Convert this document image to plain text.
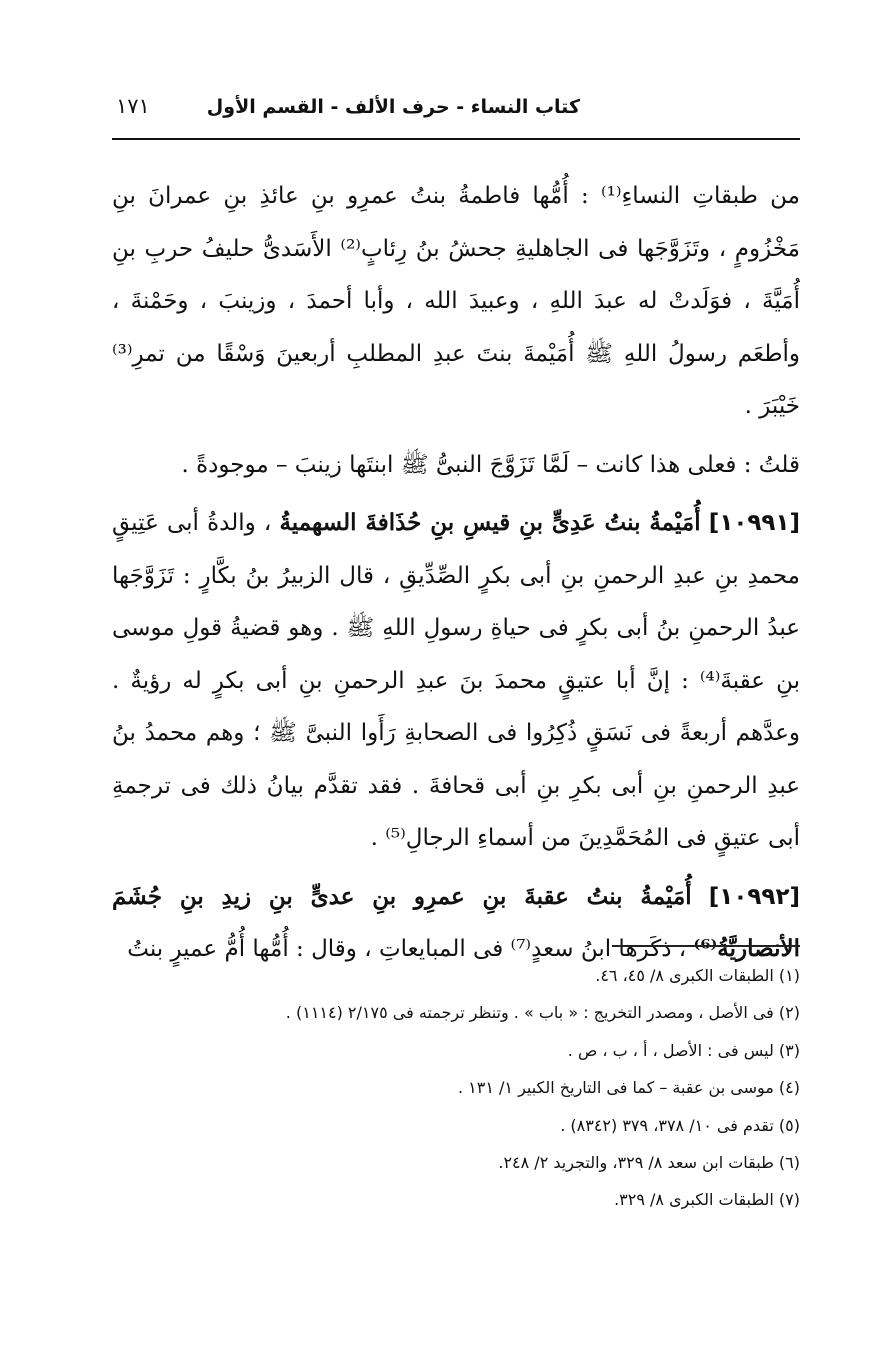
كتاب النساء - حرف الألف - القسم الأول
١٧١

من طبقاتِ النساءِ⁽¹⁾ : أُمُّها فاطمةُ بنتُ عمرِو بنِ عائذِ بنِ عمرانَ بنِ مَخْزُومٍ ، وتَزَوَّجَها فى الجاهليةِ جحشُ بنُ رِئابٍ⁽²⁾ الأَسَدىُّ حليفُ حربِ بنِ أُمَيَّةَ ، فوَلَدتْ له عبدَ اللهِ ، وعبيدَ الله ، وأبا أحمدَ ، وزينبَ ، وحَمْنةَ ، وأطعَم رسولُ اللهِ ﷺ أُمَيْمةَ بنتَ عبدِ المطلبِ أربعينَ وَسْقًا من تمرِ⁽³⁾ خَيْبَرَ .

قلتُ : فعلى هذا كانت – لَمَّا تَزَوَّجَ النبىُّ ﷺ ابنتَها زينبَ – موجودةً .

[١٠٩٩١] أُمَيْمةُ بنتُ عَدِىٍّ بنِ قيسِ بنِ حُذَافةَ السهميةُ ، والدةُ أبى عَتِيقٍ محمدِ بنِ عبدِ الرحمنِ بنِ أبى بكرٍ الصِّدِّيقِ ، قال الزبيرُ بنُ بكَّارٍ : تَزَوَّجَها عبدُ الرحمنِ بنُ أبى بكرٍ فى حياةِ رسولِ اللهِ ﷺ . وهو قضيةُ قولِ موسى بنِ عقبةَ⁽⁴⁾ : إنَّ أبا عتيقٍ محمدَ بنَ عبدِ الرحمنِ بنِ أبى بكرٍ له رؤيةٌ . وعدَّهم أربعةً فى نَسَقٍ ذُكِرُوا فى الصحابةِ رَأَوا النبىَّ ﷺ ؛ وهم محمدُ بنُ عبدِ الرحمنِ بنِ أبى بكرِ بنِ أبى قحافةَ . فقد تقدَّم بيانُ ذلك فى ترجمةِ أبى عتيقٍ فى المُحَمَّدِينَ من أسماءِ الرجالِ⁽⁵⁾ .

[١٠٩٩٢] أُمَيْمةُ بنتُ عقبةَ بنِ عمرِو بنِ عدىٍّ بنِ زيدِ بنِ جُشَمَ الأنصاريَّةُ⁽⁶⁾ ، ذكَرها ابنُ سعدٍ⁽⁷⁾ فى المبايعاتِ ، وقال : أُمُّها أُمُّ عميرٍ بنتُ

(١) الطبقات الكبرى ٨/ ٤٥، ٤٦.
(٢) فى الأصل ، ومصدر التخريج : « باب » . وتنظر ترجمته فى ٢/١٧٥ (١١١٤) .
(٣) ليس فى : الأصل ، أ ، ب ، ص .
(٤) موسى بن عقبة – كما فى التاريخ الكبير ١/ ١٣١ .
(٥) تقدم فى ١٠/ ٣٧٨، ٣٧٩ (٨٣٤٢) .
(٦) طبقات ابن سعد ٨/ ٣٢٩، والتجريد ٢/ ٢٤٨.
(٧) الطبقات الكبرى ٨/ ٣٢٩.
